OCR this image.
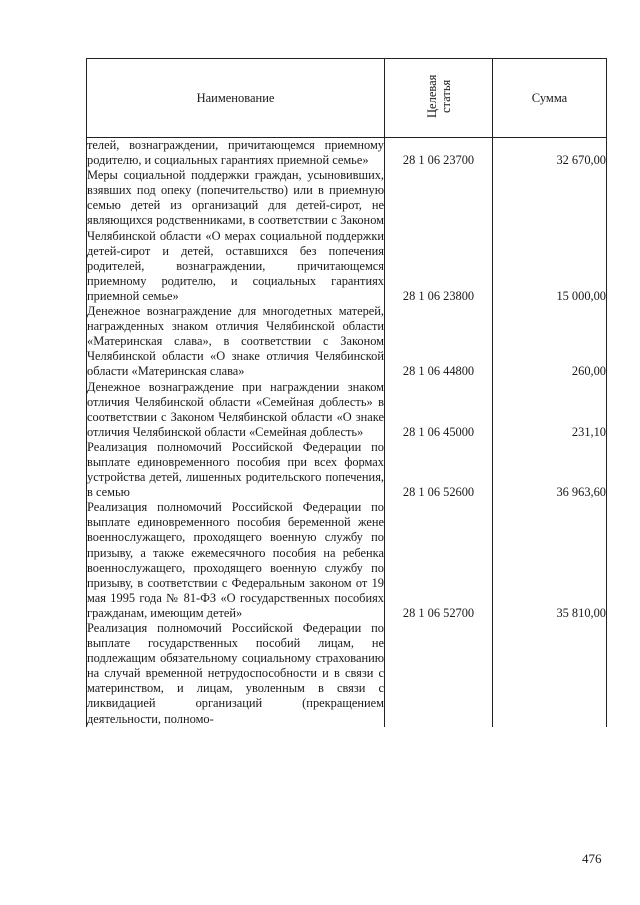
Наименование	Целевая статья	Сумма
телей, вознаграждении, причитающемся приемному родителю, и социальных гарантиях приемной семье»	28 1 06 23700	32 670,00
Меры социальной поддержки граждан, усыновивших, взявших под опеку (попечительство) или в приемную семью детей из организаций для детей-сирот, не являющихся родственниками, в соответствии с Законом Челябинской области «О мерах социальной поддержки детей-сирот и детей, оставшихся без попечения родителей, вознаграждении, причитающемся приемному родителю, и социальных гарантиях приемной семье»	28 1 06 23800	15 000,00
Денежное вознаграждение для многодетных матерей, награжденных знаком отличия Челябинской области «Материнская слава», в соответствии с Законом Челябинской области «О знаке отличия Челябинской области «Материнская слава»	28 1 06 44800	260,00
Денежное вознаграждение при награждении знаком отличия Челябинской области «Семейная доблесть» в соответствии с Законом Челябинской области «О знаке отличия Челябинской области «Семейная доблесть»	28 1 06 45000	231,10
Реализация полномочий Российской Федерации по выплате единовременного пособия при всех формах устройства детей, лишенных родительского попечения, в семью	28 1 06 52600	36 963,60
Реализация полномочий Российской Федерации по выплате единовременного пособия беременной жене военнослужащего, проходящего военную службу по призыву, а также ежемесячного пособия на ребенка военнослужащего, проходящего военную службу по призыву, в соответствии с Федеральным законом от 19 мая 1995 года № 81-ФЗ «О государственных пособиях гражданам, имеющим детей»	28 1 06 52700	35 810,00
Реализация полномочий Российской Федерации по выплате государственных пособий лицам, не подлежащим обязательному социальному страхованию на случай временной нетрудоспособности и в связи с материнством, и лицам, уволенным в связи с ликвидацией организаций (прекращением деятельности, полномо-		
476
